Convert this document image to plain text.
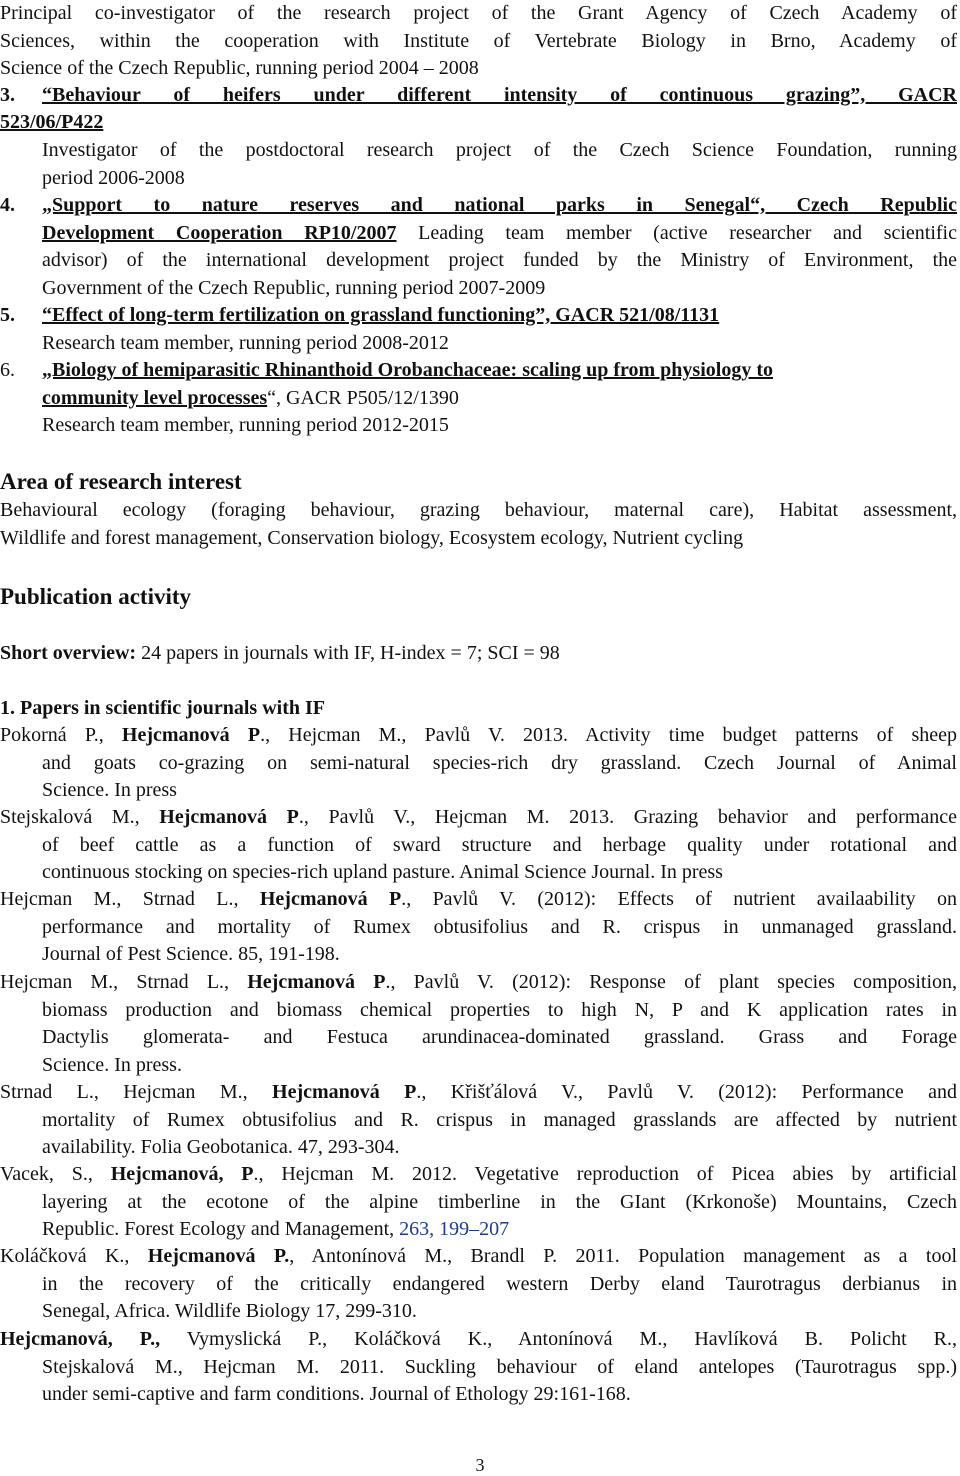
Principal co-investigator of the research project of the Grant Agency of Czech Academy of
Sciences, within the cooperation with Institute of Vertebrate Biology in Brno, Academy of
Science of the Czech Republic, running period 2004 – 2008
3. “Behaviour of heifers under different intensity of continuous grazing”, GACR
523/06/P422
Investigator of the postdoctoral research project of the Czech Science Foundation, running
period 2006-2008
4. „Support to nature reserves and national parks in Senegal“, Czech Republic
Development Cooperation RP10/2007 Leading team member (active researcher and scientific
advisor) of the international development project funded by the Ministry of Environment, the
Government of the Czech Republic, running period 2007-2009
5. “Effect of long-term fertilization on grassland functioning”, GACR 521/08/1131
Research team member, running period 2008-2012
6. „Biology of hemiparasitic Rhinanthoid Orobanchaceae: scaling up from physiology to
community level processes“, GACR P505/12/1390
Research team member, running period 2012-2015
Area of research interest
Behavioural ecology (foraging behaviour, grazing behaviour, maternal care), Habitat assessment,
Wildlife and forest management, Conservation biology, Ecosystem ecology, Nutrient cycling
Publication activity
Short overview: 24 papers in journals with IF, H-index = 7; SCI = 98
1. Papers in scientific journals with IF
Pokorná P., Hejcmanová P., Hejcman M., Pavlů V. 2013. Activity time budget patterns of sheep
and goats co-grazing on semi-natural species-rich dry grassland. Czech Journal of Animal
Science. In press
Stejskalová M., Hejcmanová P., Pavlů V., Hejcman M. 2013. Grazing behavior and performance
of beef cattle as a function of sward structure and herbage quality under rotational and
continuous stocking on species-rich upland pasture. Animal Science Journal. In press
Hejcman M., Strnad L., Hejcmanová P., Pavlů V. (2012): Effects of nutrient availaability on
performance and mortality of Rumex obtusifolius and R. crispus in unmanaged grassland.
Journal of Pest Science. 85, 191-198.
Hejcman M., Strnad L., Hejcmanová P., Pavlů V. (2012): Response of plant species composition,
biomass production and biomass chemical properties to high N, P and K application rates in
Dactylis glomerata- and Festuca arundinacea-dominated grassland. Grass and Forage
Science. In press.
Strnad L., Hejcman M., Hejcmanová P., Křišťálová V., Pavlů V. (2012): Performance and
mortality of Rumex obtusifolius and R. crispus in managed grasslands are affected by nutrient
availability. Folia Geobotanica. 47, 293-304.
Vacek, S., Hejcmanová, P., Hejcman M. 2012. Vegetative reproduction of Picea abies by artificial
layering at the ecotone of the alpine timberline in the GIant (Krkonoše) Mountains, Czech
Republic. Forest Ecology and Management, 263, 199–207
Koláčková K., Hejcmanová P., Antonínová M., Brandl P. 2011. Population management as a tool
in the recovery of the critically endangered western Derby eland Taurotragus derbianus in
Senegal, Africa. Wildlife Biology 17, 299-310.
Hejcmanová, P., Vymyslická P., Koláčková K., Antonínová M., Havlíková B. Policht R.,
Stejskalová M., Hejcman M. 2011. Suckling behaviour of eland antelopes (Taurotragus spp.)
under semi-captive and farm conditions. Journal of Ethology 29:161-168.
3
